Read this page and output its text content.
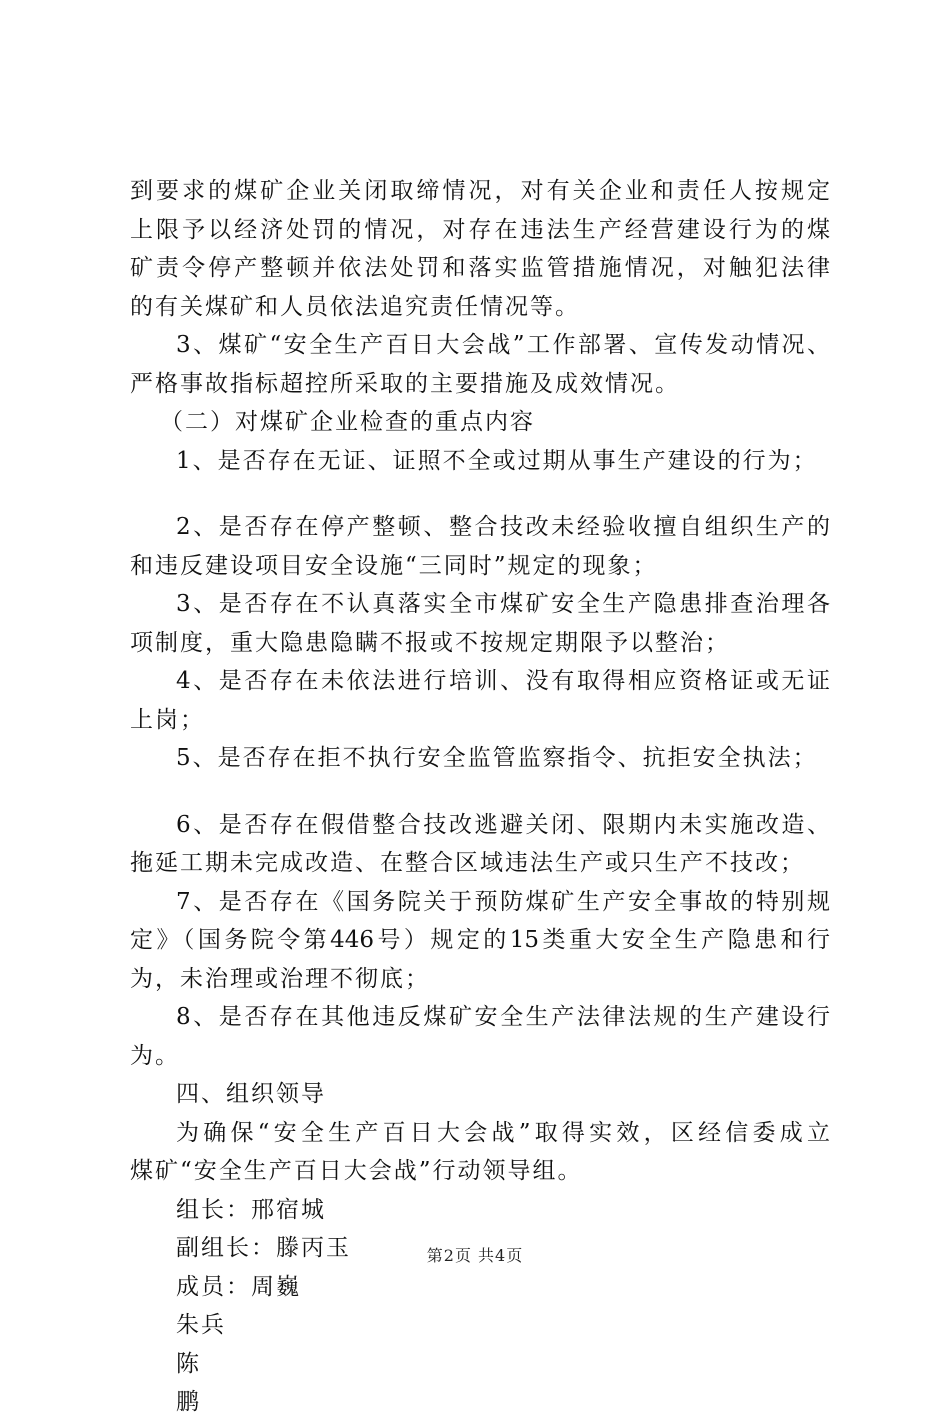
到要求的煤矿企业关闭取缔情况，对有关企业和责任人按规定
上限予以经济处罚的情况，对存在违法生产经营建设行为的煤
矿责令停产整顿并依法处罚和落实监管措施情况，对触犯法律
的有关煤矿和人员依法追究责任情况等。
3、煤矿“安全生产百日大会战”工作部署、宣传发动情况、
严格事故指标超控所采取的主要措施及成效情况。
（二）对煤矿企业检查的重点内容
1、是否存在无证、证照不全或过期从事生产建设的行为；
2、是否存在停产整顿、整合技改未经验收擅自组织生产的
和违反建设项目安全设施“三同时”规定的现象；
3、是否存在不认真落实全市煤矿安全生产隐患排查治理各
项制度，重大隐患隐瞒不报或不按规定期限予以整治；
4、是否存在未依法进行培训、没有取得相应资格证或无证
上岗；
5、是否存在拒不执行安全监管监察指令、抗拒安全执法；
6、是否存在假借整合技改逃避关闭、限期内未实施改造、
拖延工期未完成改造、在整合区域违法生产或只生产不技改；
7、是否存在《国务院关于预防煤矿生产安全事故的特别规
定》（国务院令第446号）规定的15类重大安全生产隐患和行
为，未治理或治理不彻底；
8、是否存在其他违反煤矿安全生产法律法规的生产建设行
为。
四、组织领导
为确保“安全生产百日大会战”取得实效，区经信委成立
煤矿“安全生产百日大会战”行动领导组。
组长：邢宿城
副组长：滕丙玉
成员：周巍
朱兵
陈
鹏
第2页 共4页
